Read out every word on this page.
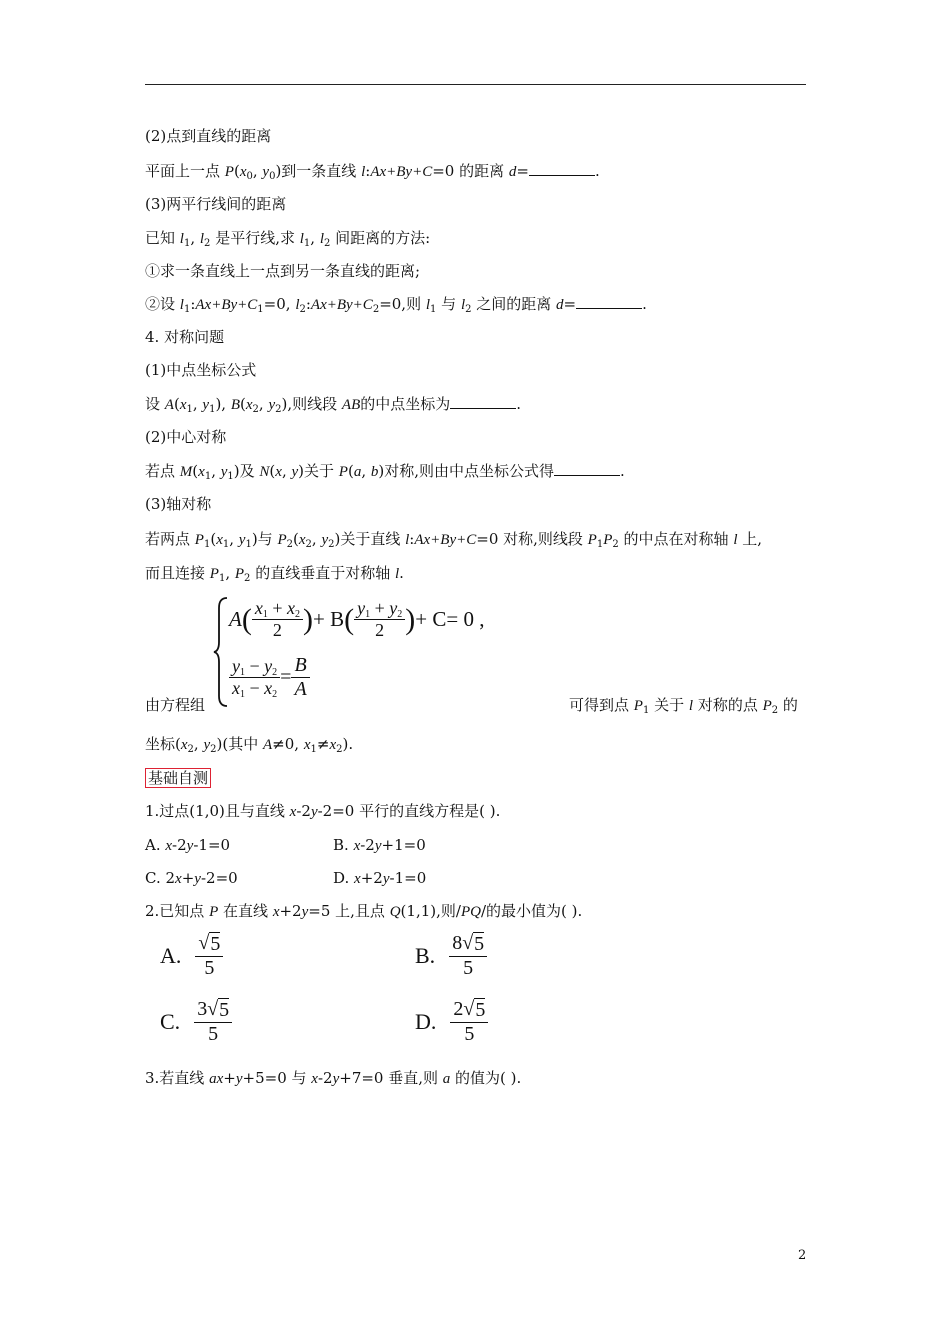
(2)点到直线的距离
平面上一点 $P(x_0$, $y_0$)到一条直线 l:Ax+By+C=0 的距离 d=	.
(3)两平行线间的距离
已知 $l_1$, $l_2$ 是平行线,求 $l_1$, $l_2$ 间距离的方法:
①求一条直线上一点到另一条直线的距离;
②设 $l_1:Ax+By+C_1=0$, $l_2:Ax+By+C_2=0$,则 $l_1$ 与 $l_2$ 之间的距离 d=	.
4. 对称问题
(1)中点坐标公式
设 $A(x_1$, $y_1$), $B(x_2$, $y_2$),则线段 AB的中点坐标为	.
(2)中心对称
若点 $M(x_1$, $y_1$)及 N(x, y)关于 P(a, b)对称,则由中点坐标公式得	.
(3)轴对称
若两点 $P_1(x_1$, $y_1$)与 $P_2(x_2$, $y_2$)关于直线 l:Ax+By+C=0 对称,则线段 $P_1P_2$ 的中点在对称轴 l 上,
而且连接 $P_1$, $P_2$ 的直线垂直于对称轴 l.
A ( $\frac{x_1 + x_2}{2}$ ) + B ( $\frac{y_1 + y_2}{2}$ ) + C = 0 ,
$\frac{y_1 - y_2}{x_1 - x_2} = \frac{B}{A}$
由方程组	可得到点 $P_1$ 关于 l 对称的点 $P_2$ 的
坐标($x_2$, $y_2$)(其中 A≠0, $x_1\ne x_2$).
基础自测
1.过点(1,0)且与直线 x-2y-2=0 平行的直线方程是( ).
A. x-2y-1=0	B. x-2y+1=0
C. 2x+y-2=0	D. x+2y-1=0
2.已知点 P 在直线 x+2y=5 上,且点 Q(1,1),则/PQ/的最小值为( ).
A. $\frac{√ 5}{5}$	B. $\frac{8 √ 5}{5}$
C. $\frac{3 √ 5}{5}$	D. $\frac{2 √ 5}{5}$
3.若直线 ax+y+5=0 与 x-2y+7=0 垂直,则 a 的值为( ).
2
